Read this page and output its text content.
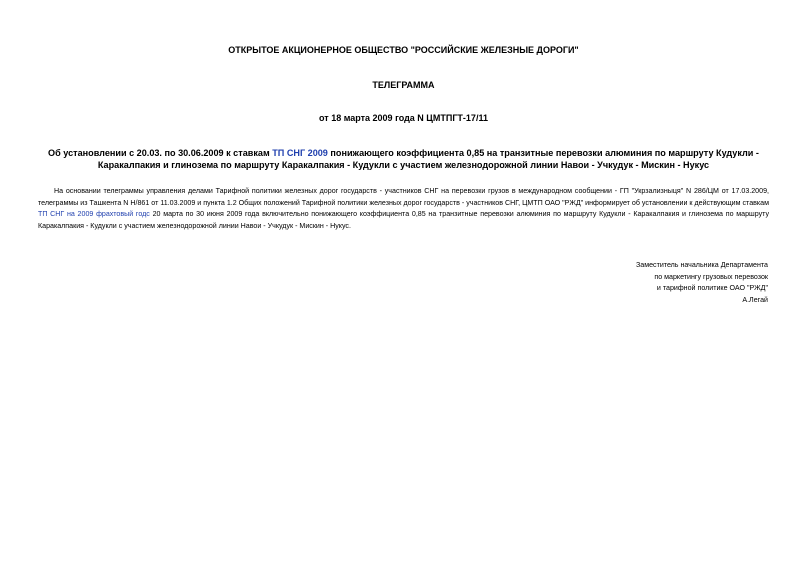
ОТКРЫТОЕ АКЦИОНЕРНОЕ ОБЩЕСТВО "РОССИЙСКИЕ ЖЕЛЕЗНЫЕ ДОРОГИ"
ТЕЛЕГРАММА
от 18 марта 2009 года N ЦМТПГТ-17/11
Об установлении с 20.03. по 30.06.2009 к ставкам ТП СНГ 2009 понижающего коэффициента 0,85 на транзитные перевозки алюминия по маршруту Кудукли - Каракалпакия и глинозема по маршруту Каракалпакия - Кудукли с участием железнодорожной линии Навои - Учкудук - Мискин - Нукус
На основании телеграммы управления делами Тарифной политики железных дорог государств - участников СНГ на перевозки грузов в международном сообщении - ГП "Укрзализныця" N 286/ЦМ от 17.03.2009, телеграммы из Ташкента N Н/861 от 11.03.2009 и пункта 1.2 Общих положений Тарифной политики железных дорог государств - участников СНГ, ЦМТП ОАО "РЖД" информирует об установлении к действующим ставкам ТП СНГ на 2009 фрахтовый годс 20 марта по 30 июня 2009 года включительно понижающего коэффициента 0,85 на транзитные перевозки алюминия по маршруту Кудукли - Каракалпакия и глинозема по маршруту Каракалпакия - Кудукли с участием железнодорожной линии Навои - Учкудук - Мискин - Нукус.
Заместитель начальника Департамента
по маркетингу грузовых перевозок
и тарифной политике ОАО "РЖД"
А.Легай
